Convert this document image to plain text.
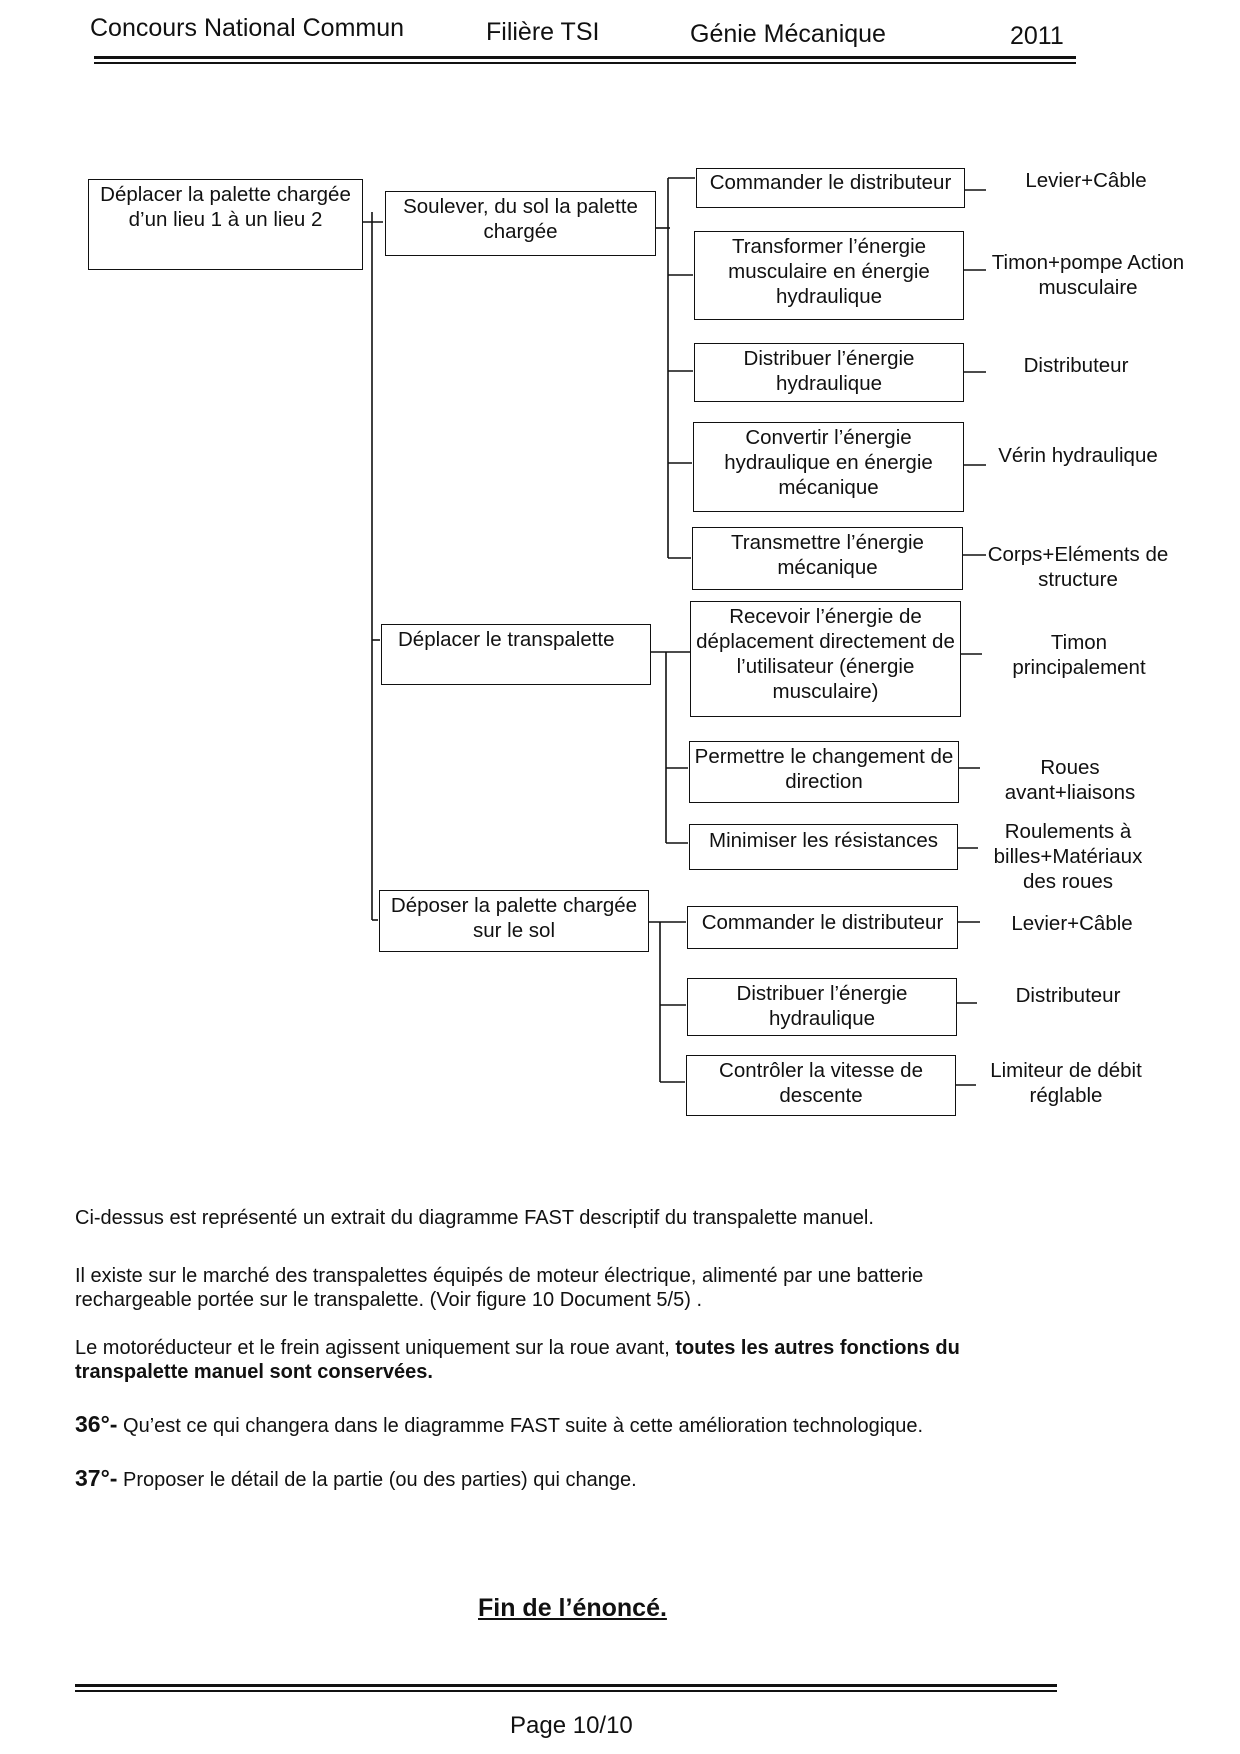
Concours National Commun	Filière TSI	Génie Mécanique	2011
Déplacer la palette chargée d’un lieu 1 à un lieu 2
Soulever, du sol la palette chargée
Déplacer le transpalette
Déposer la palette chargée sur le sol
Commander le distributeur
Transformer l’énergie musculaire en énergie hydraulique
Distribuer l’énergie hydraulique
Convertir l’énergie hydraulique en énergie mécanique
Transmettre l’énergie mécanique
Recevoir l’énergie de déplacement directement de l’utilisateur (énergie musculaire)
Permettre le changement de direction
Minimiser les résistances
Commander le distributeur
Distribuer l’énergie hydraulique
Contrôler la vitesse de descente
Levier+Câble
Timon+pompe Action musculaire
Distributeur
Vérin hydraulique
Corps+Eléments de structure
Timon principalement
Roues avant+liaisons
Roulements à billes+Matériaux des roues
Levier+Câble
Distributeur
Limiteur de débit réglable
Ci-dessus est représenté un extrait du diagramme FAST descriptif du transpalette manuel.
Il existe sur le marché des transpalettes équipés de moteur électrique, alimenté par une batterie rechargeable portée sur le transpalette. (Voir figure 10 Document 5/5) .
Le motoréducteur et le frein agissent uniquement sur la roue avant, toutes les autres fonctions du transpalette manuel sont conservées.
36°- Qu’est ce qui changera dans le diagramme FAST suite à cette amélioration technologique.
37°- Proposer le détail de la partie (ou des parties) qui change.
Fin de l’énoncé.
Page 10/10
